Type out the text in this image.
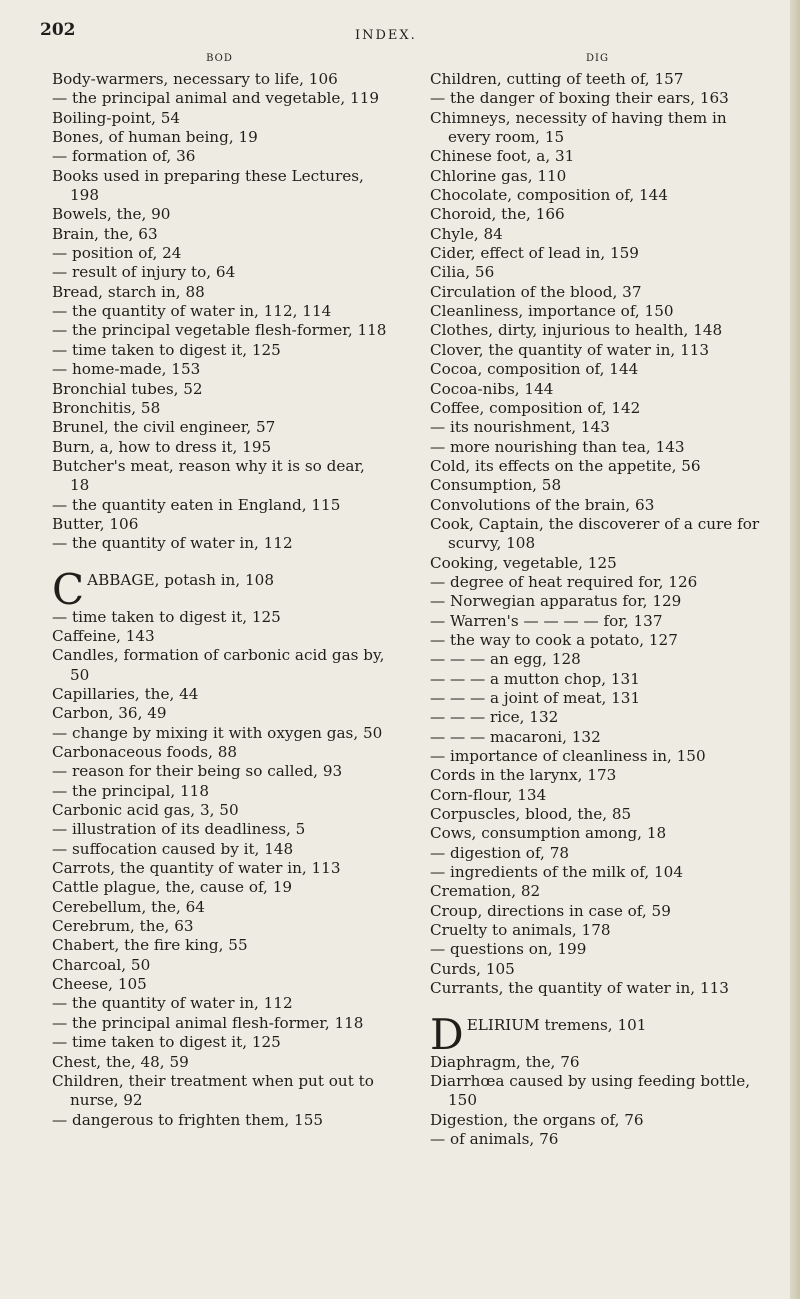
202	INDEX.
BOD
Body-warmers, necessary to life, 106
— the principal animal and vegetable, 119
Boiling-point, 54
Bones, of human being, 19
— formation of, 36
Books used in preparing these Lectures, 198
Bowels, the, 90
Brain, the, 63
— position of, 24
— result of injury to, 64
Bread, starch in, 88
— the quantity of water in, 112, 114
— the principal vegetable flesh-former, 118
— time taken to digest it, 125
— home-made, 153
Bronchial tubes, 52
Bronchitis, 58
Brunel, the civil engineer, 57
Burn, a, how to dress it, 195
Butcher's meat, reason why it is so dear, 18
— the quantity eaten in England, 115
Butter, 106
— the quantity of water in, 112
C ABBAGE, potash in, 108
— time taken to digest it, 125
Caffeine, 143
Candles, formation of carbonic acid gas by, 50
Capillaries, the, 44
Carbon, 36, 49
— change by mixing it with oxygen gas, 50
Carbonaceous foods, 88
— reason for their being so called, 93
— the principal, 118
Carbonic acid gas, 3, 50
— illustration of its deadliness, 5
— suffocation caused by it, 148
Carrots, the quantity of water in, 113
Cattle plague, the, cause of, 19
Cerebellum, the, 64
Cerebrum, the, 63
Chabert, the fire king, 55
Charcoal, 50
Cheese, 105
— the quantity of water in, 112
— the principal animal flesh-former, 118
— time taken to digest it, 125
Chest, the, 48, 59
Children, their treatment when put out to nurse, 92
— dangerous to frighten them, 155
DIG
Children, cutting of teeth of, 157
— the danger of boxing their ears, 163
Chimneys, necessity of having them in every room, 15
Chinese foot, a, 31
Chlorine gas, 110
Chocolate, composition of, 144
Choroid, the, 166
Chyle, 84
Cider, effect of lead in, 159
Cilia, 56
Circulation of the blood, 37
Cleanliness, importance of, 150
Clothes, dirty, injurious to health, 148
Clover, the quantity of water in, 113
Cocoa, composition of, 144
Cocoa-nibs, 144
Coffee, composition of, 142
— its nourishment, 143
— more nourishing than tea, 143
Cold, its effects on the appetite, 56
Consumption, 58
Convolutions of the brain, 63
Cook, Captain, the discoverer of a cure for scurvy, 108
Cooking, vegetable, 125
— degree of heat required for, 126
— Norwegian apparatus for, 129
— Warren's — — — — for, 137
— the way to cook a potato, 127
— — — an egg, 128
— — — a mutton chop, 131
— — — a joint of meat, 131
— — — rice, 132
— — — macaroni, 132
— importance of cleanliness in, 150
Cords in the larynx, 173
Corn-flour, 134
Corpuscles, blood, the, 85
Cows, consumption among, 18
— digestion of, 78
— ingredients of the milk of, 104
Cremation, 82
Croup, directions in case of, 59
Cruelty to animals, 178
— questions on, 199
Curds, 105
Currants, the quantity of water in, 113
D ELIRIUM tremens, 101
Diaphragm, the, 76
Diarrhœa caused by using feeding bottle, 150
Digestion, the organs of, 76
— of animals, 76
